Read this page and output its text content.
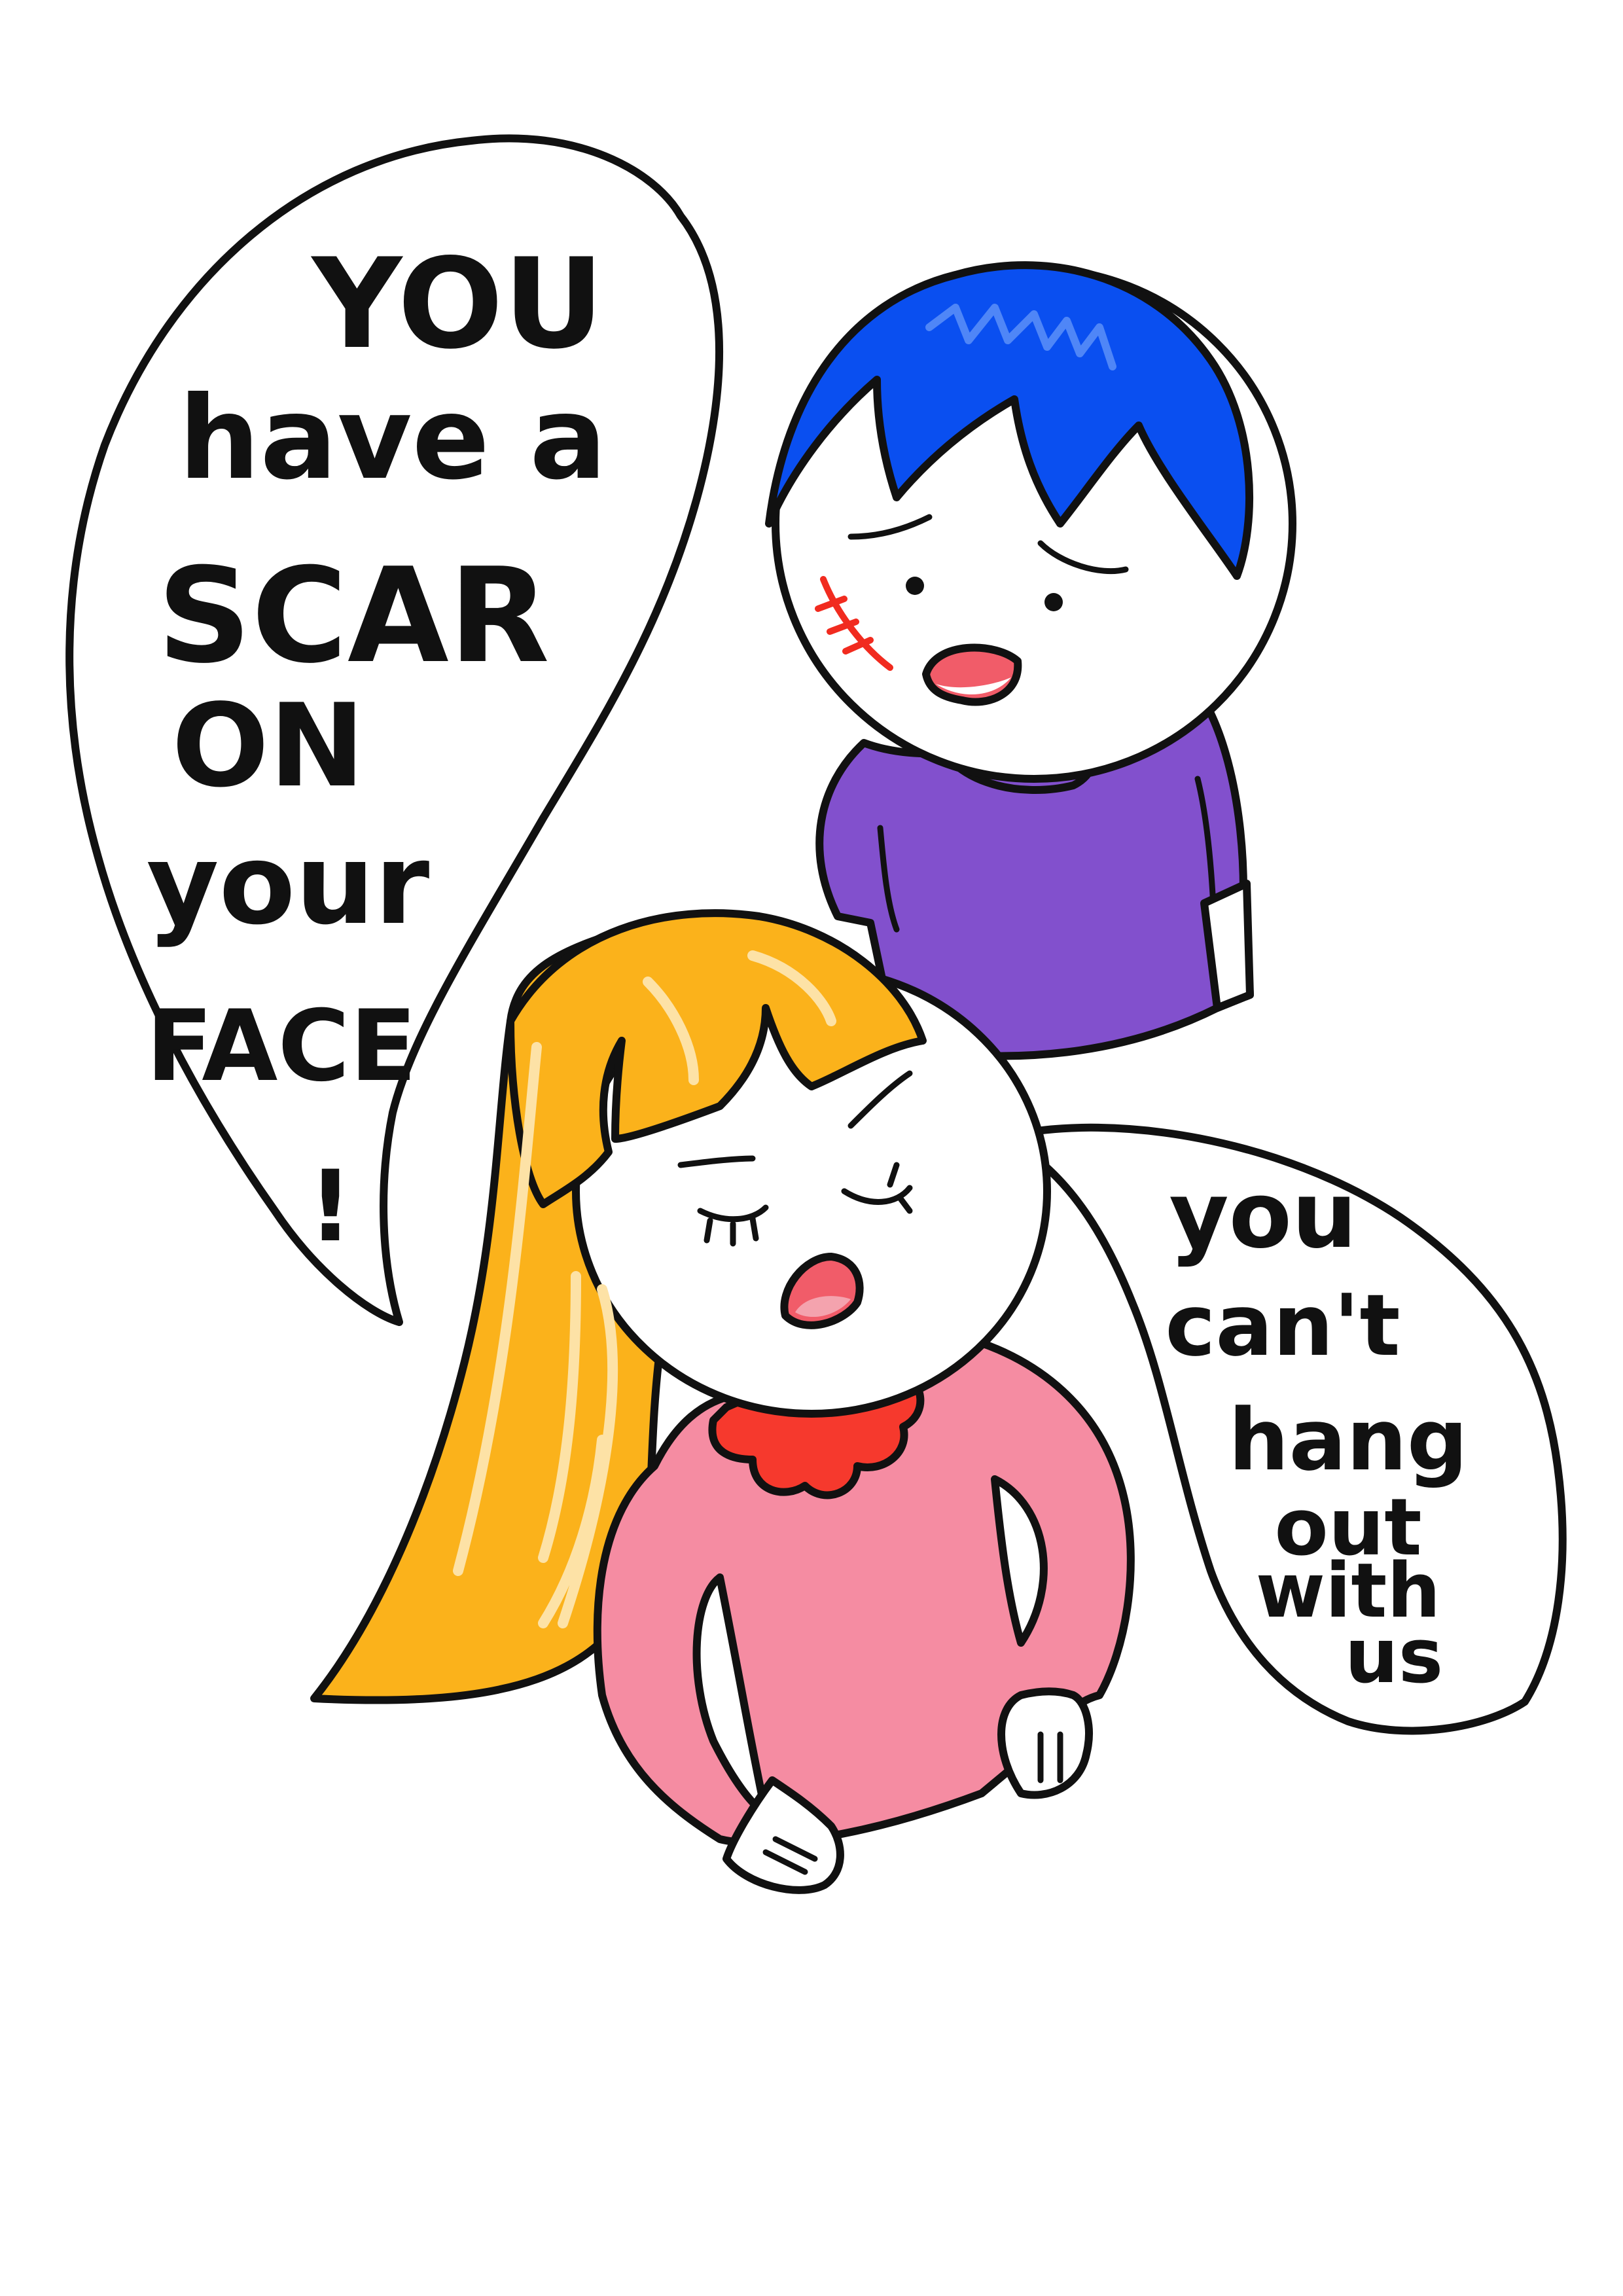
YOU
have a
SCAR
ON
your
FACE
!	you
can't
hang
out
with
us
